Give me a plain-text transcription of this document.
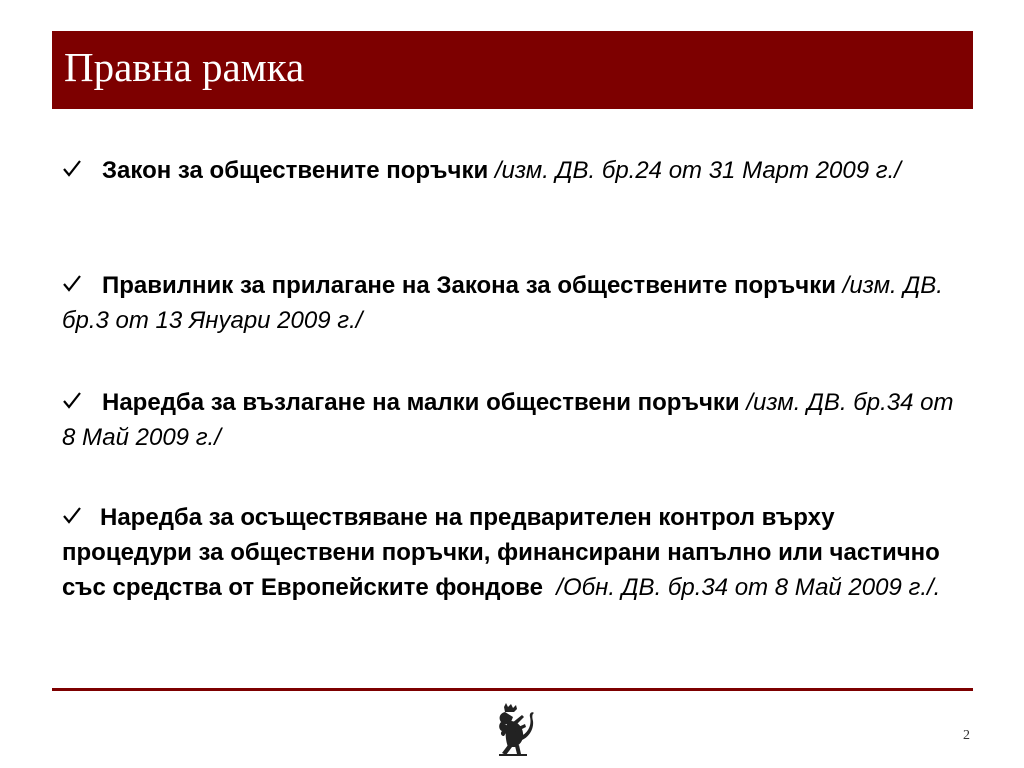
Правна рамка
Закон за обществените поръчки /изм. ДВ. бр.24 от 31 Март 2009 г./
Правилник за прилагане на Закона за обществените поръчки /изм. ДВ. бр.3 от 13 Януари 2009 г./
Наредба за възлагане на малки обществени поръчки /изм. ДВ. бр.34 от 8 Май 2009 г./
Наредба за осъществяване на предварителен контрол върху процедури за обществени поръчки, финансирани напълно или частично със средства от Европейските фондове /Обн. ДВ. бр.34 от 8 Май 2009 г./.
2
